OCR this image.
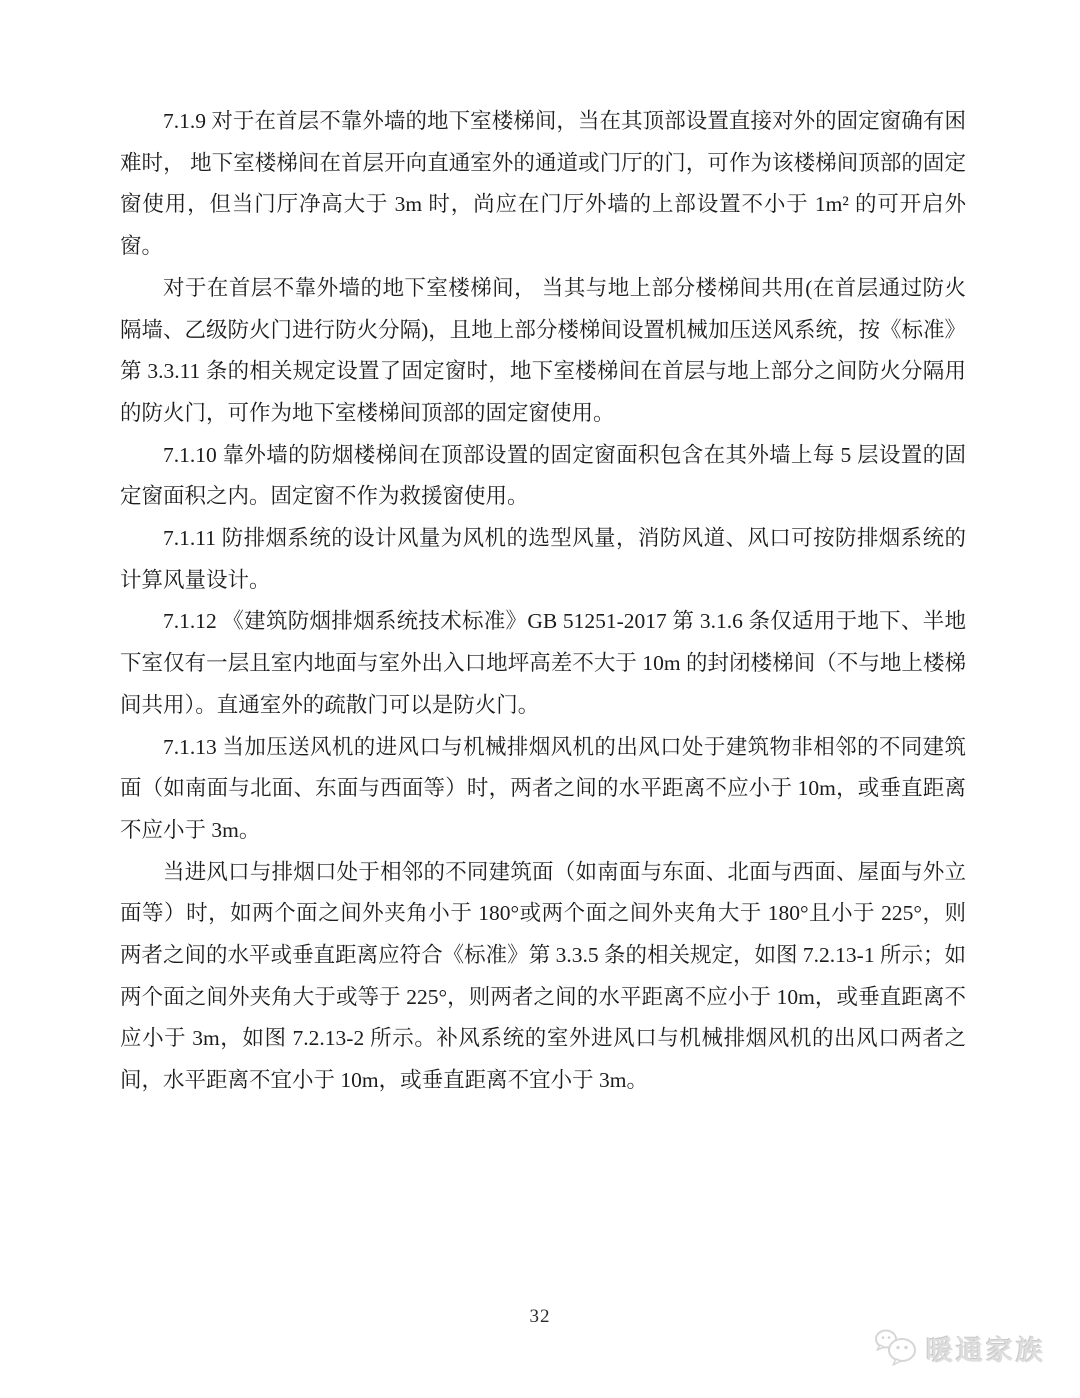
7.1.9 对于在首层不靠外墙的地下室楼梯间，当在其顶部设置直接对外的固定窗确有困难时， 地下室楼梯间在首层开向直通室外的通道或门厅的门，可作为该楼梯间顶部的固定窗使用，但当门厅净高大于 3m 时，尚应在门厅外墙的上部设置不小于 1m² 的可开启外窗。

对于在首层不靠外墙的地下室楼梯间， 当其与地上部分楼梯间共用(在首层通过防火隔墙、乙级防火门进行防火分隔)，且地上部分楼梯间设置机械加压送风系统，按《标准》第 3.3.11 条的相关规定设置了固定窗时，地下室楼梯间在首层与地上部分之间防火分隔用的防火门，可作为地下室楼梯间顶部的固定窗使用。

7.1.10 靠外墙的防烟楼梯间在顶部设置的固定窗面积包含在其外墙上每 5 层设置的固定窗面积之内。固定窗不作为救援窗使用。

7.1.11 防排烟系统的设计风量为风机的选型风量，消防风道、风口可按防排烟系统的计算风量设计。

7.1.12 《建筑防烟排烟系统技术标准》GB 51251-2017 第 3.1.6 条仅适用于地下、半地下室仅有一层且室内地面与室外出入口地坪高差不大于 10m 的封闭楼梯间（不与地上楼梯间共用）。直通室外的疏散门可以是防火门。

7.1.13 当加压送风机的进风口与机械排烟风机的出风口处于建筑物非相邻的不同建筑面（如南面与北面、东面与西面等）时，两者之间的水平距离不应小于 10m，或垂直距离不应小于 3m。

当进风口与排烟口处于相邻的不同建筑面（如南面与东面、北面与西面、屋面与外立面等）时，如两个面之间外夹角小于 180°或两个面之间外夹角大于 180°且小于 225°，则两者之间的水平或垂直距离应符合《标准》第 3.3.5 条的相关规定，如图 7.2.13-1 所示；如两个面之间外夹角大于或等于 225°，则两者之间的水平距离不应小于 10m，或垂直距离不应小于 3m，如图 7.2.13-2 所示。补风系统的室外进风口与机械排烟风机的出风口两者之间，水平距离不宜小于 10m，或垂直距离不宜小于 3m。

32
暖通家族
